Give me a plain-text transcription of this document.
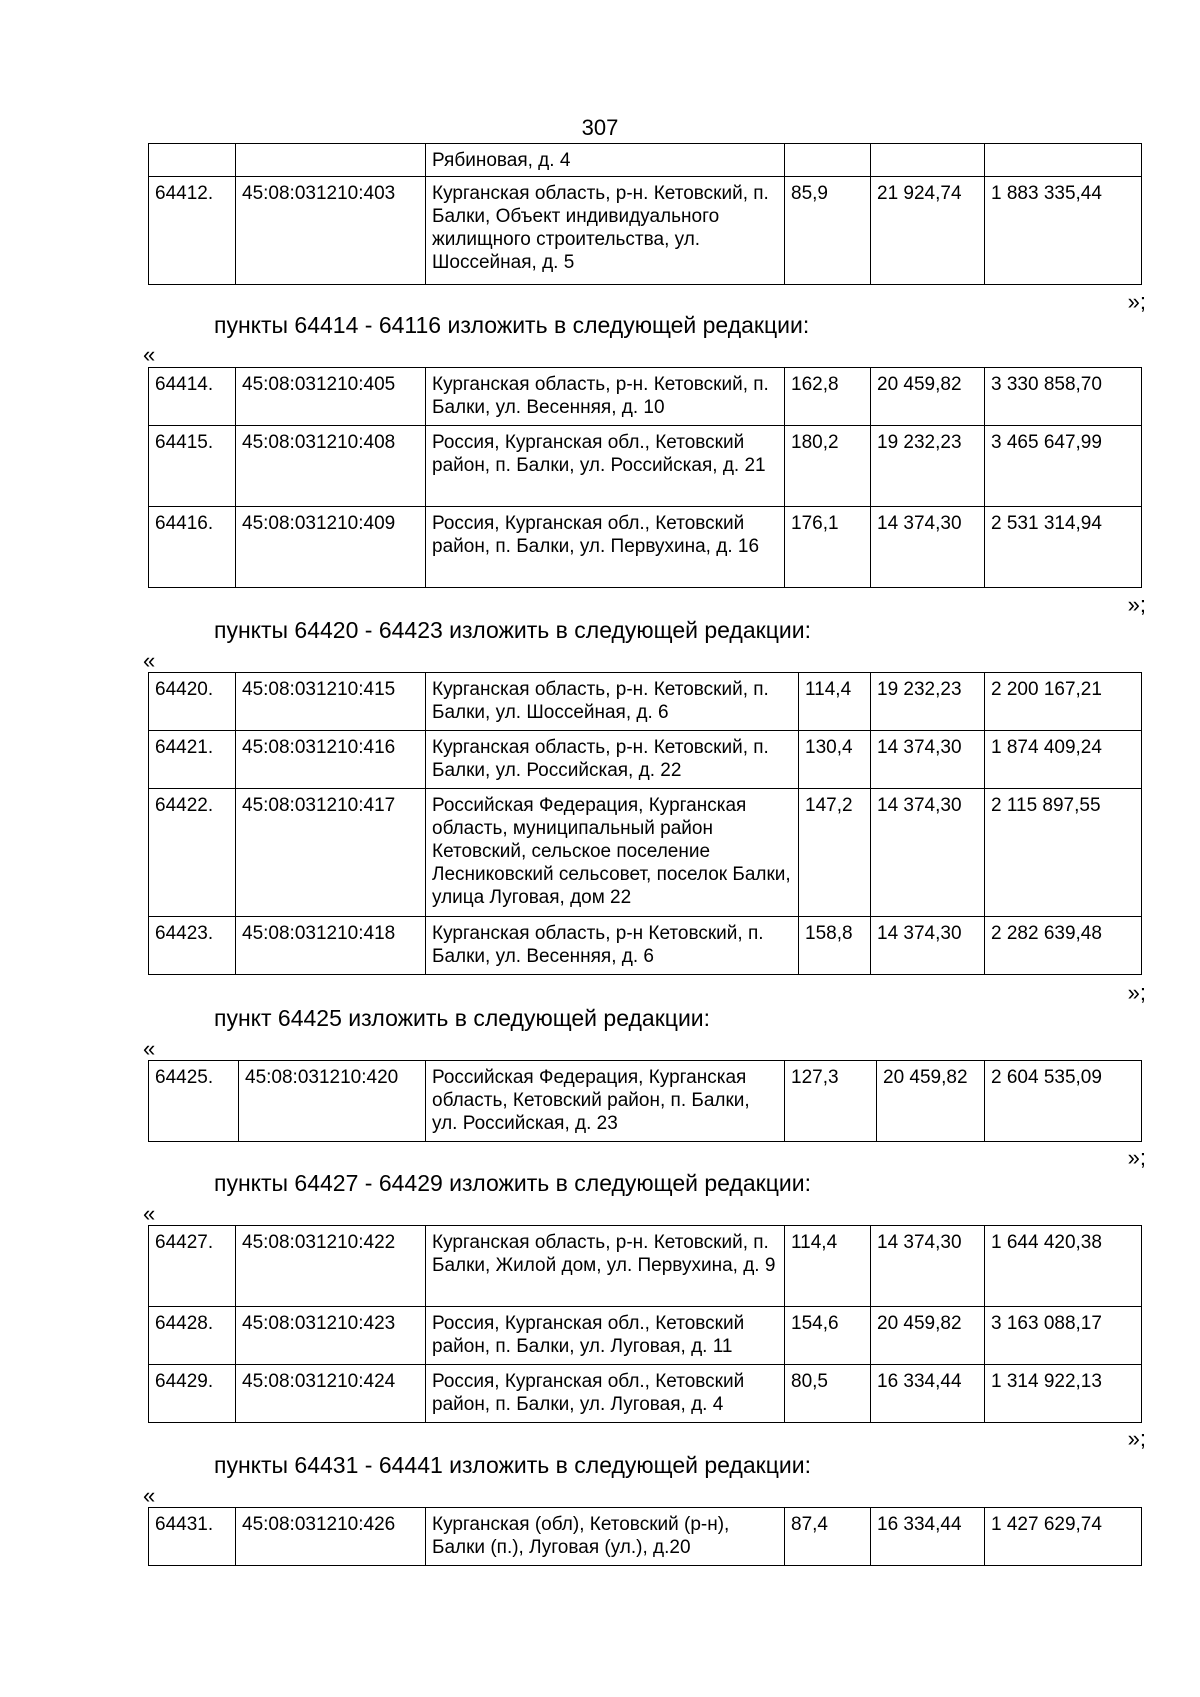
307
		Рябиновая, д. 4			
64412.	45:08:031210:403	Курганская область, р-н. Кетовский, п. Балки, Объект индивидуального жилищного строительства, ул. Шоссейная, д. 5	85,9	21 924,74	1 883 335,44
»;
пункты 64414 - 64116 изложить в следующей редакции:
«
64414.	45:08:031210:405	Курганская область, р-н. Кетовский, п. Балки, ул. Весенняя, д. 10	162,8	20 459,82	3 330 858,70
64415.	45:08:031210:408	Россия, Курганская обл., Кетовский район, п. Балки, ул. Российская, д. 21	180,2	19 232,23	3 465 647,99
64416.	45:08:031210:409	Россия, Курганская обл., Кетовский район, п. Балки, ул. Первухина, д. 16	176,1	14 374,30	2 531 314,94
»;
пункты 64420 - 64423 изложить в следующей редакции:
«
64420.	45:08:031210:415	Курганская область, р-н. Кетовский, п. Балки, ул. Шоссейная, д. 6	114,4	19 232,23	2 200 167,21
64421.	45:08:031210:416	Курганская область, р-н. Кетовский, п. Балки, ул. Российская, д. 22	130,4	14 374,30	1 874 409,24
64422.	45:08:031210:417	Российская Федерация, Курганская область, муниципальный район Кетовский, сельское поселение Лесниковский сельсовет, поселок Балки, улица Луговая, дом 22	147,2	14 374,30	2 115 897,55
64423.	45:08:031210:418	Курганская область, р-н Кетовский, п. Балки, ул. Весенняя, д. 6	158,8	14 374,30	2 282 639,48
»;
пункт 64425 изложить в следующей редакции:
«
64425.	45:08:031210:420	Российская Федерация, Курганская область, Кетовский район, п. Балки, ул. Российская, д. 23	127,3	20 459,82	2 604 535,09
»;
пункты 64427 - 64429 изложить в следующей редакции:
«
64427.	45:08:031210:422	Курганская область, р-н. Кетовский, п. Балки, Жилой дом, ул. Первухина, д. 9	114,4	14 374,30	1 644 420,38
64428.	45:08:031210:423	Россия, Курганская обл., Кетовский район, п. Балки, ул. Луговая, д. 11	154,6	20 459,82	3 163 088,17
64429.	45:08:031210:424	Россия, Курганская обл., Кетовский район, п. Балки, ул. Луговая, д. 4	80,5	16 334,44	1 314 922,13
»;
пункты 64431 - 64441 изложить в следующей редакции:
«
64431.	45:08:031210:426	Курганская (обл), Кетовский (р-н), Балки (п.), Луговая (ул.), д.20	87,4	16 334,44	1 427 629,74
